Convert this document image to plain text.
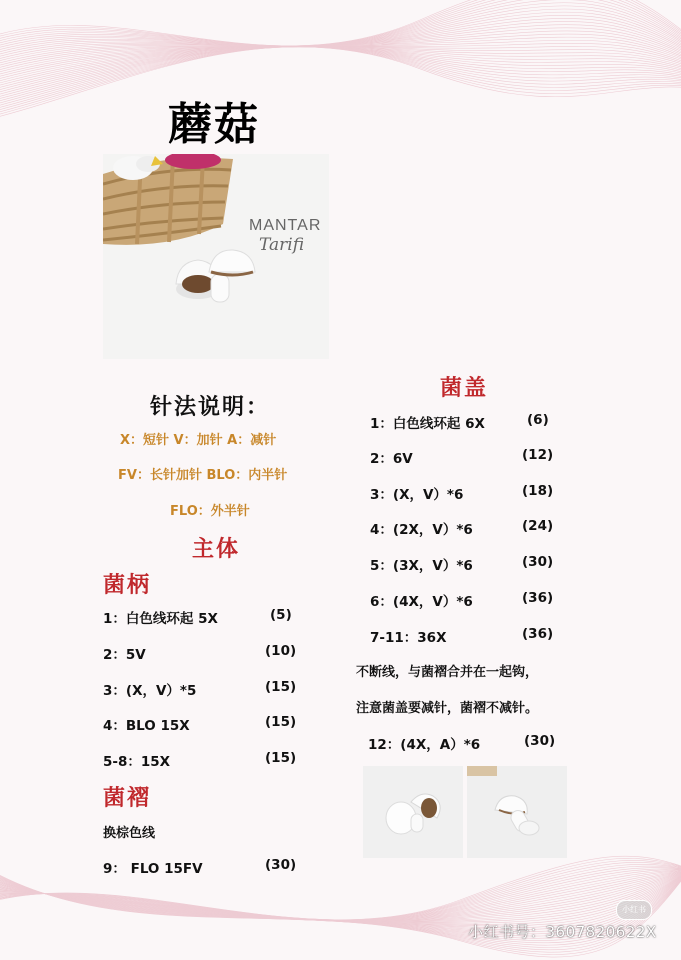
蘑菇
MANTAR
Tarifi
针法说明：
X：短针 V：加针 A：减针
FV：长针加针 BLO：内半针
FLO：外半针
主体
菌柄
菌褶
菌盖
1：白色线环起 5X	(5)
2：5V	(10)
3：(X，V）*5	(15)
4：BLO 15X	(15)
5-8：15X	(15)
换棕色线
9： FLO 15FV	(30)
1：白色线环起 6X	(6)
2：6V	(12)
3：(X，V）*6	(18)
4：(2X，V）*6	(24)
5：(3X，V）*6	(30)
6：(4X，V）*6	(36)
7-11：36X	(36)
不断线，与菌褶合并在一起钩，
注意菌盖要减针，菌褶不减针。
12：(4X，A）*6	(30)
小红书
小红书号：3607820622X
